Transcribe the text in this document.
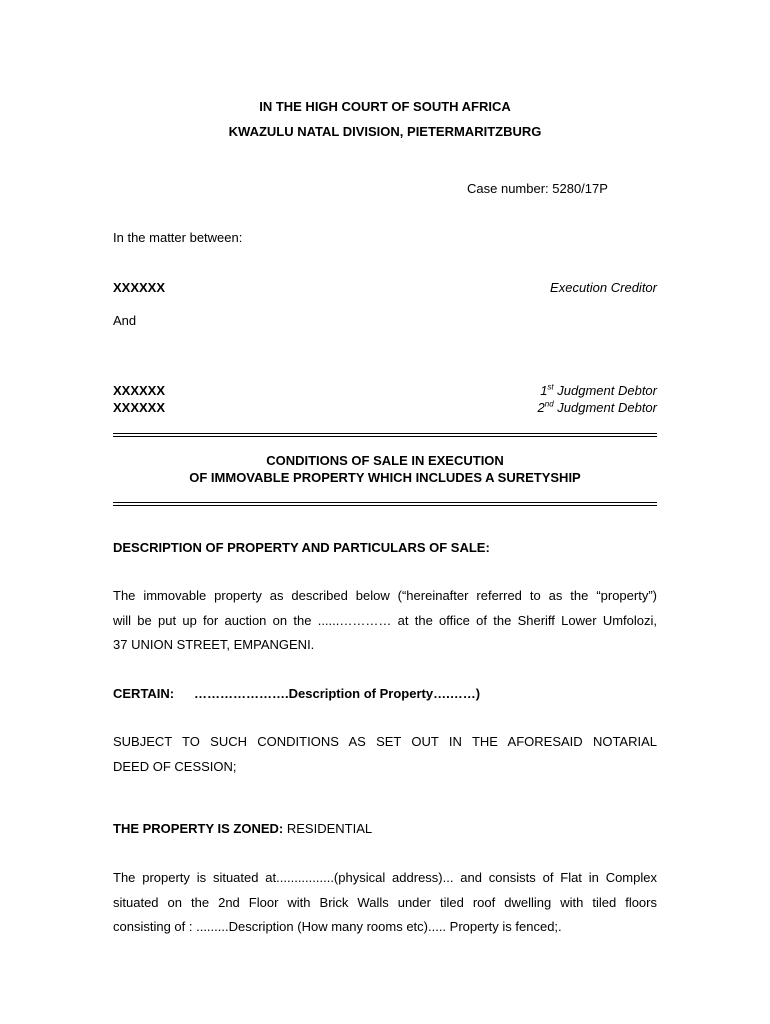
IN THE HIGH COURT OF SOUTH AFRICA
KWAZULU NATAL DIVISION, PIETERMARITZBURG
Case number: 5280/17P
In the matter between:
XXXXXX	Execution Creditor
And
XXXXXX	1st Judgment Debtor
XXXXXX	2nd Judgment Debtor
CONDITIONS OF SALE IN EXECUTION
OF IMMOVABLE PROPERTY WHICH INCLUDES A SURETYSHIP
DESCRIPTION OF PROPERTY AND PARTICULARS OF SALE:
The immovable property as described below (“hereinafter referred to as the “property”)
will be put up for auction on the ......………… at the office of the Sheriff Lower Umfolozi,
37 UNION STREET, EMPANGENI.
CERTAIN: ………………….Description of Property….……)
SUBJECT TO SUCH CONDITIONS AS SET OUT IN THE AFORESAID NOTARIAL
DEED OF CESSION;
THE PROPERTY IS ZONED: RESIDENTIAL
The property is situated at................(physical address)... and consists of Flat in Complex
situated on the 2nd Floor with Brick Walls under tiled roof dwelling with tiled floors
consisting of : .........Description (How many rooms etc)..... Property is fenced;.
